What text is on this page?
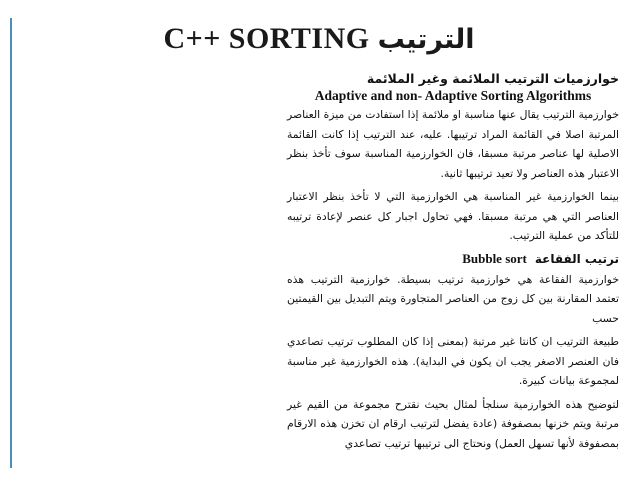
C++ SORTING الترتيب

خوارزميات الترتيب الملائمة وغير الملائمة

Adaptive and non- Adaptive Sorting Algorithms

خوارزمية الترتيب يقال عنها مناسبة او ملائمة إذا استفادت من ميزة العناصر المرتبة اصلا في القائمة المراد ترتيبها. عليه، عند الترتيب إذا كانت القائمة الاصلية لها عناصر مرتبة مسبقا، فان الخوارزمية المناسبة سوف تأخذ بنظر الاعتبار هذه العناصر ولا تعيد ترتيبها ثانية.

بينما الخوارزمية غير المناسبة هي الخوارزمية التي لا تأخذ بنظر الاعتبار العناصر التي هي مرتبة مسبقا. فهي تحاول اجبار كل عنصر لإعادة ترتيبه للتأكد من عملية الترتيب.

ترتيب الفقاعة
Bubble sort

خوارزمية الفقاعة هي خوارزمية ترتيب بسيطة. خوارزمية الترتيب هذه تعتمد المقارنة بين كل زوج من العناصر المتجاورة ويتم التبديل بين القيمتين حسب

طبيعة الترتيب ان كانتا غير مرتبة (بمعنى إذا كان المطلوب ترتيب تصاعدي فان العنصر الاصغر يجب ان يكون في البداية). هذه الخوارزمية غير مناسبة لمجموعة بيانات كبيرة.

لتوضيح هذه الخوارزمية سنلجأ لمثال بحيث نقترح مجموعة من القيم غير مرتبة ويتم خزنها بمصفوفة (عادة يفضل لترتيب ارقام ان تخزن هذه الارقام بمصفوفة لأنها تسهل العمل) ونحتاج الى ترتيبها ترتيب تصاعدي
